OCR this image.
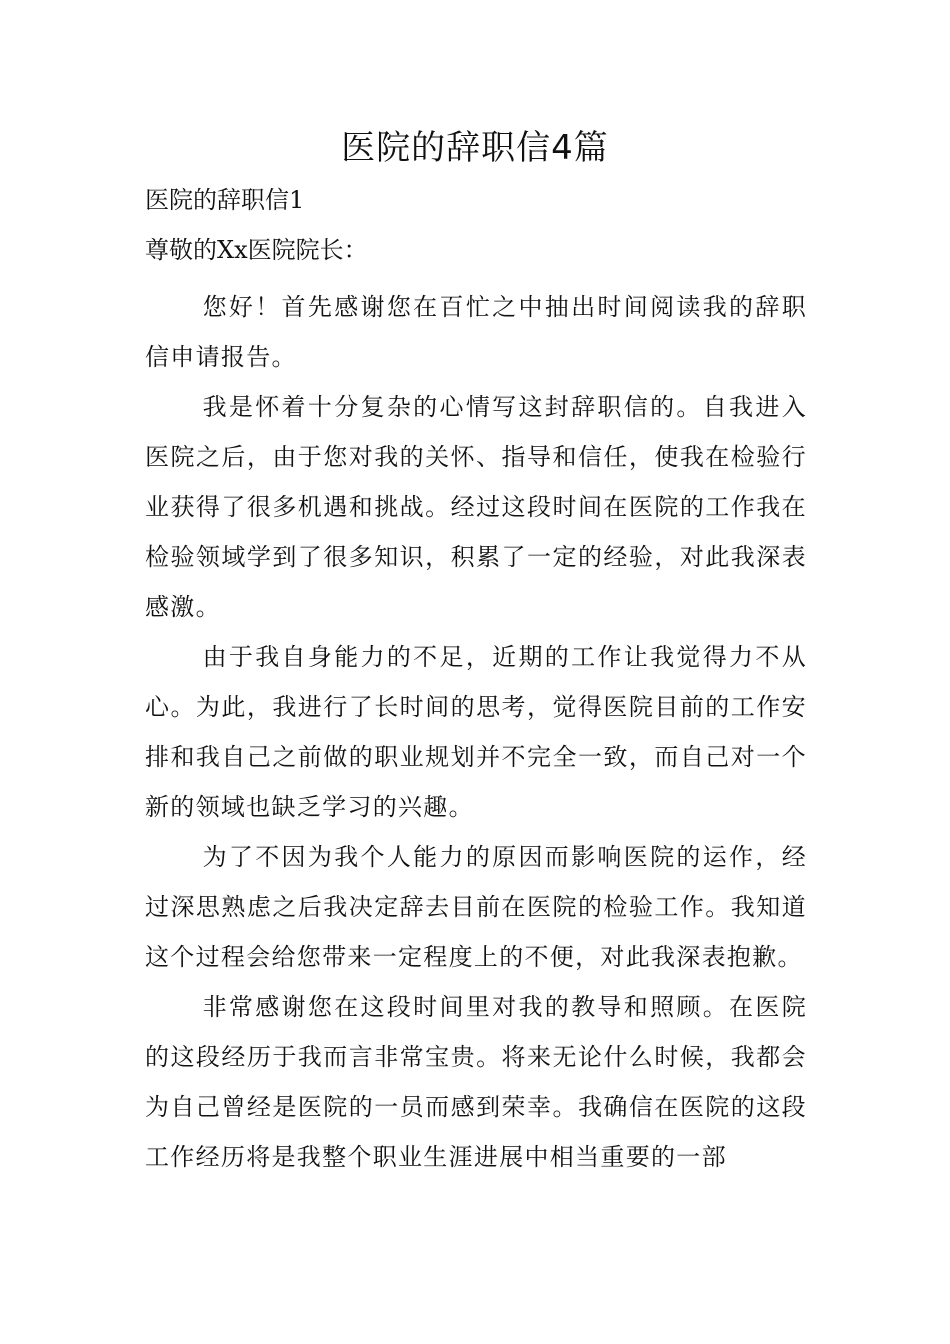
医院的辞职信4篇

医院的辞职信1

尊敬的Xx医院院长：

您好！首先感谢您在百忙之中抽出时间阅读我的辞职信申请报告。

我是怀着十分复杂的心情写这封辞职信的。自我进入医院之后，由于您对我的关怀、指导和信任，使我在检验行业获得了很多机遇和挑战。经过这段时间在医院的工作我在检验领域学到了很多知识，积累了一定的经验，对此我深表感激。

由于我自身能力的不足，近期的工作让我觉得力不从心。为此，我进行了长时间的思考，觉得医院目前的工作安排和我自己之前做的职业规划并不完全一致，而自己对一个新的领域也缺乏学习的兴趣。

为了不因为我个人能力的原因而影响医院的运作，经过深思熟虑之后我决定辞去目前在医院的检验工作。我知道这个过程会给您带来一定程度上的不便，对此我深表抱歉。

非常感谢您在这段时间里对我的教导和照顾。在医院的这段经历于我而言非常宝贵。将来无论什么时候，我都会为自己曾经是医院的一员而感到荣幸。我确信在医院的这段工作经历将是我整个职业生涯进展中相当重要的一部
